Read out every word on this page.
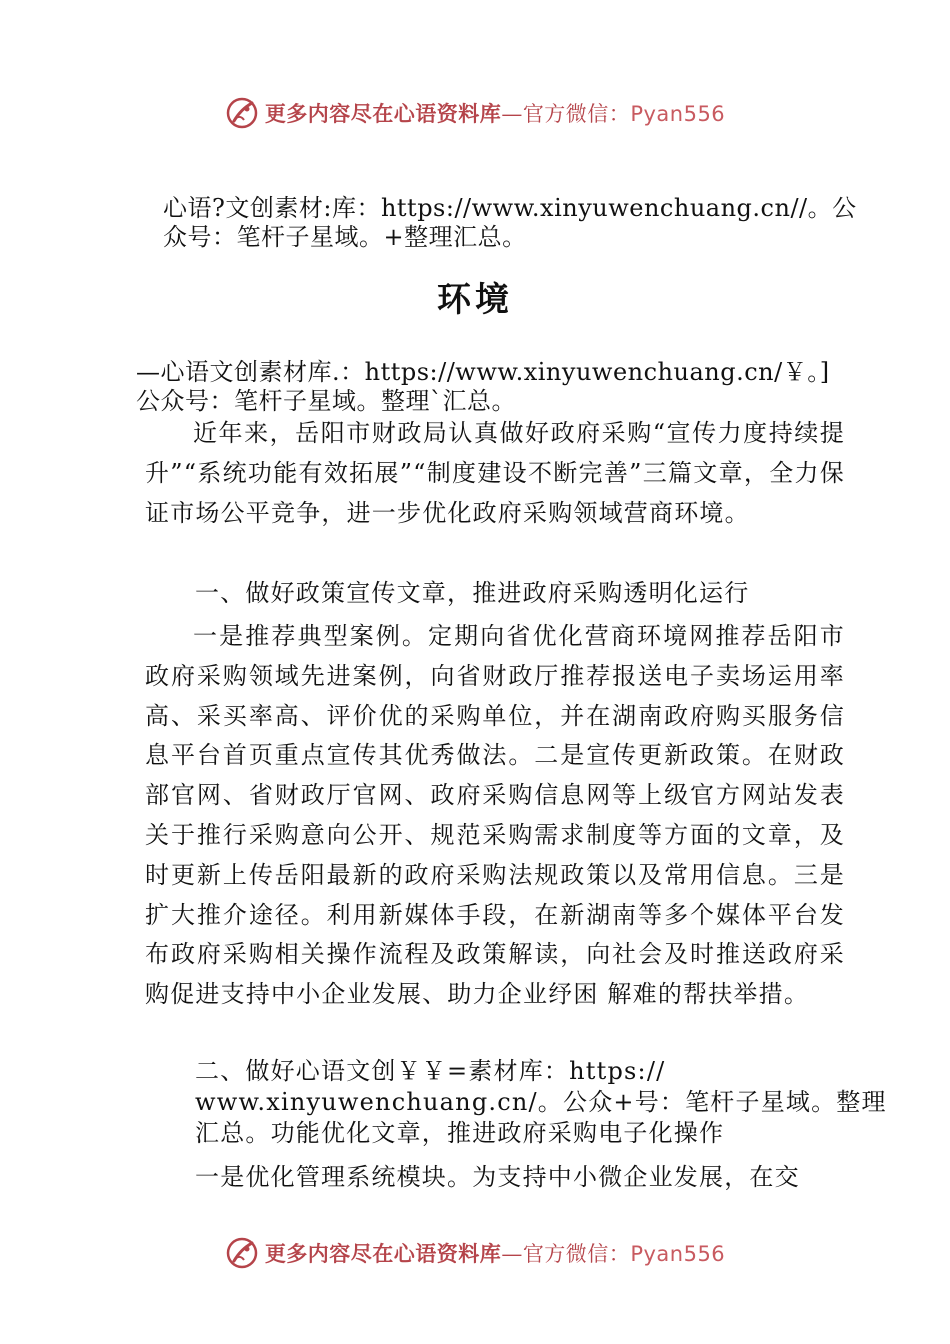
更多内容尽在心语资料库—官方微信：Pyan556
心语?文创素材:库：https://www.xinyuwenchuang.cn//。公
众号：笔杆子星域。+整理汇总。
环境
—心语文创素材库.：https://www.xinyuwenchuang.cn/￥。]
公众号：笔杆子星域。整理`汇总。
近年来，岳阳市财政局认真做好政府采购“宣传力度持续提升”“系统功能有效拓展”“制度建设不断完善”三篇文章，全力保证市场公平竞争，进一步优化政府采购领域营商环境。
一、做好政策宣传文章，推进政府采购透明化运行
一是推荐典型案例。定期向省优化营商环境网推荐岳阳市政府采购领域先进案例，向省财政厅推荐报送电子卖场运用率高、采买率高、评价优的采购单位，并在湖南政府购买服务信息平台首页重点宣传其优秀做法。二是宣传更新政策。在财政部官网、省财政厅官网、政府采购信息网等上级官方网站发表关于推行采购意向公开、规范采购需求制度等方面的文章，及时更新上传岳阳最新的政府采购法规政策以及常用信息。三是扩大推介途径。利用新媒体手段，在新湖南等多个媒体平台发布政府采购相关操作流程及政策解读，向社会及时推送政府采购促进支持中小企业发展、助力企业纾困 解难的帮扶举措。
二、做好心语文创￥￥=素材库：https://
www.xinyuwenchuang.cn/。公众+号：笔杆子星域。整理
汇总。功能优化文章，推进政府采购电子化操作
一是优化管理系统模块。为支持中小微企业发展，在交
更多内容尽在心语资料库—官方微信：Pyan556
